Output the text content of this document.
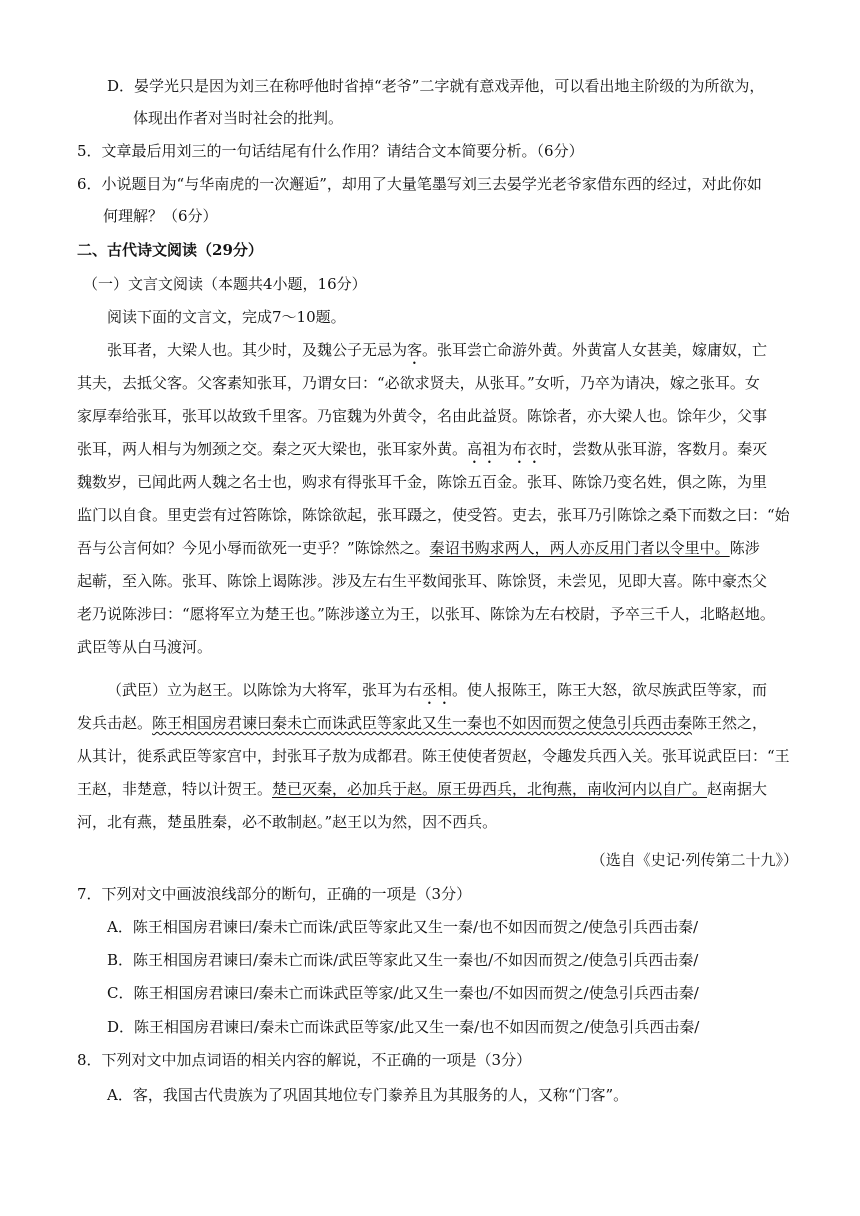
D．晏学光只是因为刘三在称呼他时省掉“老爷”二字就有意戏弄他，可以看出地主阶级的为所欲为，
体现出作者对当时社会的批判。
5．文章最后用刘三的一句话结尾有什么作用？请结合文本简要分析。（6分）
6．小说题目为“与华南虎的一次邂逅”，却用了大量笔墨写刘三去晏学光老爷家借东西的经过，对此你如
何理解？（6分）
二、古代诗文阅读（29分）
（一）文言文阅读（本题共4小题，16分）
阅读下面的文言文，完成7～10题。
张耳者，大梁人也。其少时，及魏公子无忌为客。张耳尝亡命游外黄。外黄富人女甚美，嫁庸奴，亡
其夫，去抵父客。父客素知张耳，乃谓女曰：“必欲求贤夫，从张耳。”女听，乃卒为请决，嫁之张耳。女
家厚奉给张耳，张耳以故致千里客。乃宦魏为外黄令，名由此益贤。陈馀者，亦大梁人也。馀年少，父事
张耳，两人相与为刎颈之交。秦之灭大梁也，张耳家外黄。高祖为布衣时，尝数从张耳游，客数月。秦灭
魏数岁，已闻此两人魏之名士也，购求有得张耳千金，陈馀五百金。张耳、陈馀乃变名姓，俱之陈，为里
监门以自食。里吏尝有过笞陈馀，陈馀欲起，张耳蹑之，使受笞。吏去，张耳乃引陈馀之桑下而数之曰：“始
吾与公言何如？今见小辱而欲死一吏乎？”陈馀然之。秦诏书购求两人，两人亦反用门者以令里中。陈涉
起蕲，至入陈。张耳、陈馀上谒陈涉。涉及左右生平数闻张耳、陈馀贤，未尝见，见即大喜。陈中豪杰父
老乃说陈涉曰：“愿将军立为楚王也。”陈涉遂立为王，以张耳、陈馀为左右校尉，予卒三千人，北略赵地。
武臣等从白马渡河。
（武臣）立为赵王。以陈馀为大将军，张耳为右丞相。使人报陈王，陈王大怒，欲尽族武臣等家，而
发兵击赵。陈王相国房君谏曰秦未亡而诛武臣等家此又生一秦也不如因而贺之使急引兵西击秦陈王然之，
从其计，徙系武臣等家宫中，封张耳子敖为成都君。陈王使使者贺赵，令趣发兵西入关。张耳说武臣曰：“王
王赵，非楚意，特以计贺王。楚已灭秦，必加兵于赵。原王毋西兵，北徇燕，南收河内以自广。赵南据大
河，北有燕，楚虽胜秦，必不敢制赵。”赵王以为然，因不西兵。
（选自《史记·列传第二十九》）
7．下列对文中画波浪线部分的断句，正确的一项是（3分）
A．陈王相国房君谏曰/秦未亡而诛/武臣等家此又生一秦/也不如因而贺之/使急引兵西击秦/
B．陈王相国房君谏曰/秦未亡而诛/武臣等家此又生一秦也/不如因而贺之/使急引兵西击秦/
C．陈王相国房君谏曰/秦未亡而诛武臣等家/此又生一秦也/不如因而贺之/使急引兵西击秦/
D．陈王相国房君谏曰/秦未亡而诛武臣等家/此又生一秦/也不如因而贺之/使急引兵西击秦/
8．下列对文中加点词语的相关内容的解说，不正确的一项是（3分）
A．客，我国古代贵族为了巩固其地位专门豢养且为其服务的人，又称“门客”。
